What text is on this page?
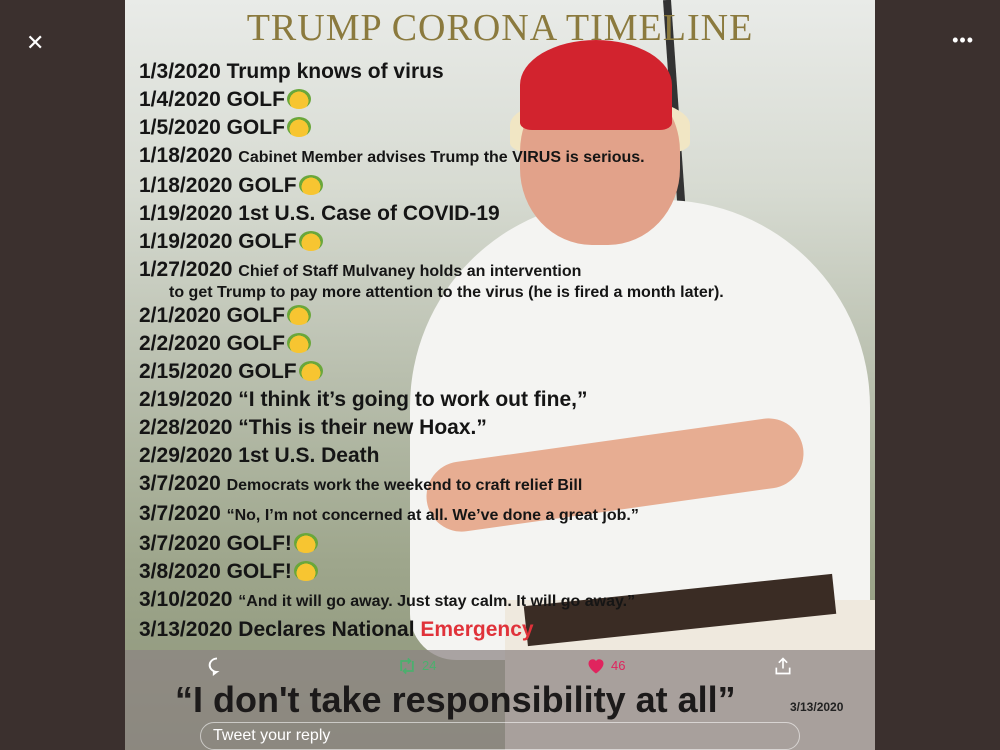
✕	•••
TRUMP CORONA TIMELINE
1/3/2020 Trump knows of virus
1/4/2020 GOLF
1/5/2020 GOLF
1/18/2020 Cabinet Member advises Trump the VIRUS is serious.
1/18/2020 GOLF
1/19/2020 1st U.S. Case of COVID-19
1/19/2020 GOLF
1/27/2020 Chief of Staff Mulvaney holds an intervention
to get Trump to pay more attention to the virus (he is fired a month later).
2/1/2020 GOLF
2/2/2020 GOLF
2/15/2020 GOLF
2/19/2020 “I think it’s going to work out fine,”
2/28/2020 “This is their new Hoax.”
2/29/2020 1st U.S. Death
3/7/2020 Democrats work the weekend to craft relief Bill
3/7/2020 “No, I’m not concerned at all. We’ve done a great job.”
3/7/2020 GOLF!
3/8/2020 GOLF!
3/10/2020 “And it will go away. Just stay calm. It will go away.”
3/13/2020 Declares National Emergency
“I don't take responsibility at all”	3/13/2020
24	46
Tweet your reply
